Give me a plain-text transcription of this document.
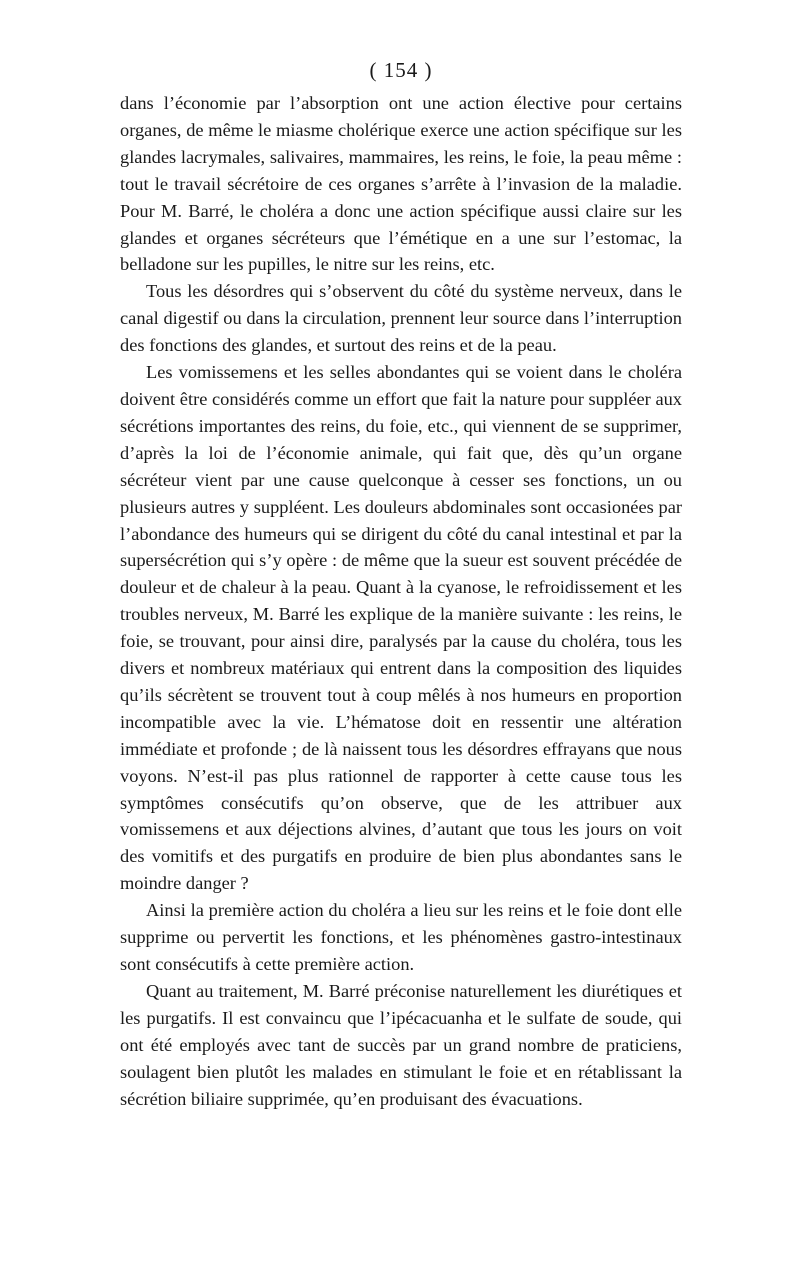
( 154 )

dans l’économie par l’absorption ont une action élective pour certains organes, de même le miasme cholérique exerce une action spécifique sur les glandes lacrymales, salivaires, mammaires, les reins, le foie, la peau même : tout le travail sécrétoire de ces organes s’arrête à l’invasion de la maladie. Pour M. Barré, le choléra a donc une action spécifique aussi claire sur les glandes et organes sécréteurs que l’émétique en a une sur l’estomac, la belladone sur les pupilles, le nitre sur les reins, etc.

Tous les désordres qui s’observent du côté du système nerveux, dans le canal digestif ou dans la circulation, prennent leur source dans l’interruption des fonctions des glandes, et surtout des reins et de la peau.

Les vomissemens et les selles abondantes qui se voient dans le choléra doivent être considérés comme un effort que fait la nature pour suppléer aux sécrétions importantes des reins, du foie, etc., qui viennent de se supprimer, d’après la loi de l’économie animale, qui fait que, dès qu’un organe sécréteur vient par une cause quelconque à cesser ses fonctions, un ou plusieurs autres y suppléent. Les douleurs abdominales sont occasionées par l’abondance des humeurs qui se dirigent du côté du canal intestinal et par la supersécrétion qui s’y opère : de même que la sueur est souvent précédée de douleur et de chaleur à la peau. Quant à la cyanose, le refroidissement et les troubles nerveux, M. Barré les explique de la manière suivante : les reins, le foie, se trouvant, pour ainsi dire, paralysés par la cause du choléra, tous les divers et nombreux matériaux qui entrent dans la composition des liquides qu’ils sécrètent se trouvent tout à coup mêlés à nos humeurs en proportion incompatible avec la vie. L’hématose doit en ressentir une altération immédiate et profonde ; de là naissent tous les désordres effrayans que nous voyons. N’est-il pas plus rationnel de rapporter à cette cause tous les symptômes consécutifs qu’on observe, que de les attribuer aux vomissemens et aux déjections alvines, d’autant que tous les jours on voit des vomitifs et des purgatifs en produire de bien plus abondantes sans le moindre danger ?

Ainsi la première action du choléra a lieu sur les reins et le foie dont elle supprime ou pervertit les fonctions, et les phénomènes gastro-intestinaux sont consécutifs à cette première action.

Quant au traitement, M. Barré préconise naturellement les diurétiques et les purgatifs. Il est convaincu que l’ipécacuanha et le sulfate de soude, qui ont été employés avec tant de succès par un grand nombre de praticiens, soulagent bien plutôt les malades en stimulant le foie et en rétablissant la sécrétion biliaire supprimée, qu’en produisant des évacuations.
